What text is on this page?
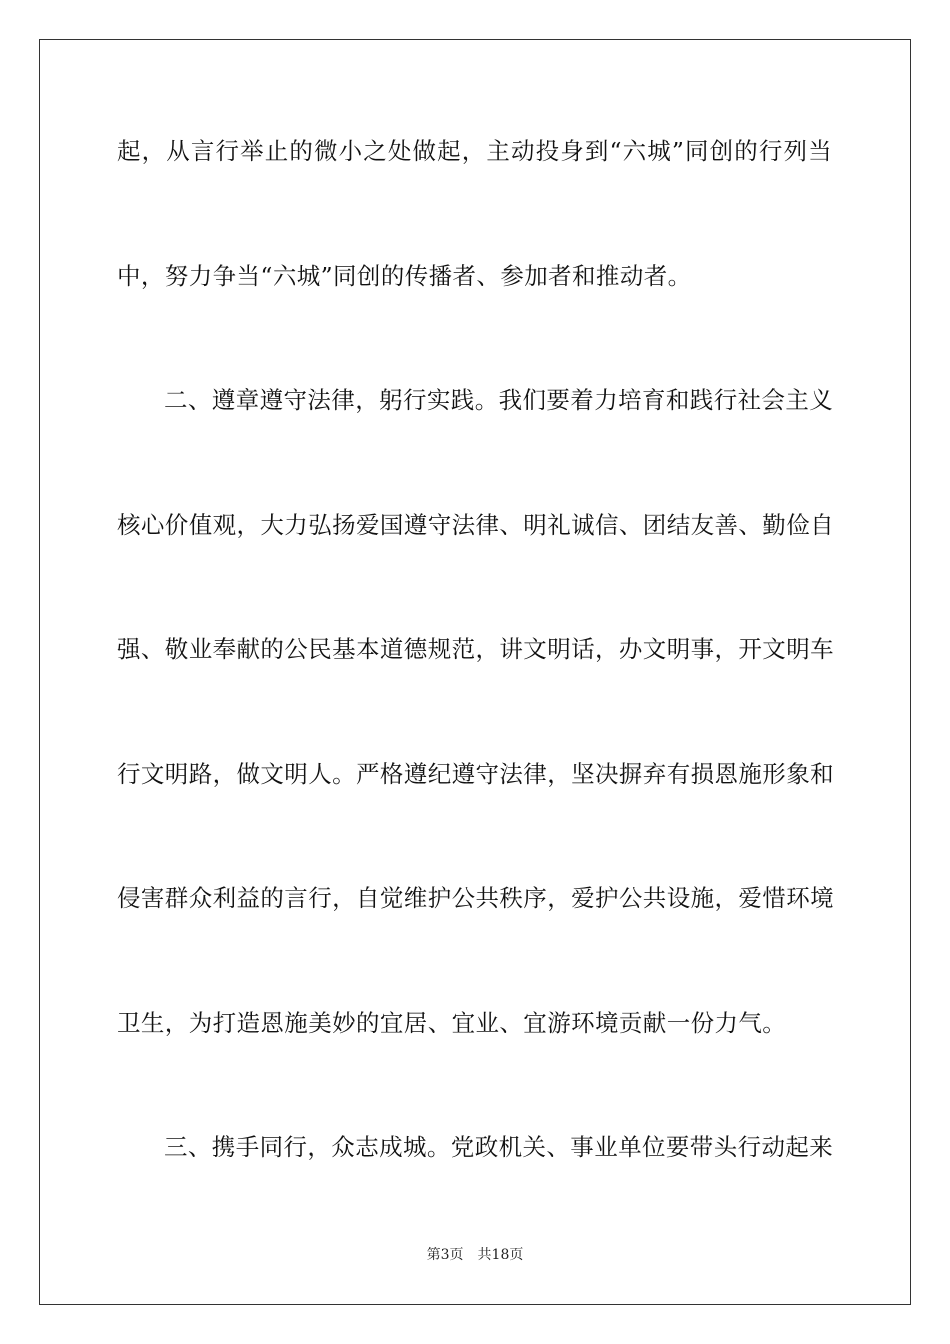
起，从言行举止的微小之处做起，主动投身到“六城”同创的行列当
中，努力争当“六城”同创的传播者、参加者和推动者。
二、遵章遵守法律，躬行实践。我们要着力培育和践行社会主义
核心价值观，大力弘扬爱国遵守法律、明礼诚信、团结友善、勤俭自
强、敬业奉献的公民基本道德规范，讲文明话，办文明事，开文明车
行文明路，做文明人。严格遵纪遵守法律，坚决摒弃有损恩施形象和
侵害群众利益的言行，自觉维护公共秩序，爱护公共设施，爱惜环境
卫生，为打造恩施美妙的宜居、宜业、宜游环境贡献一份力气。
三、携手同行，众志成城。党政机关、事业单位要带头行动起来
第3页 共18页
